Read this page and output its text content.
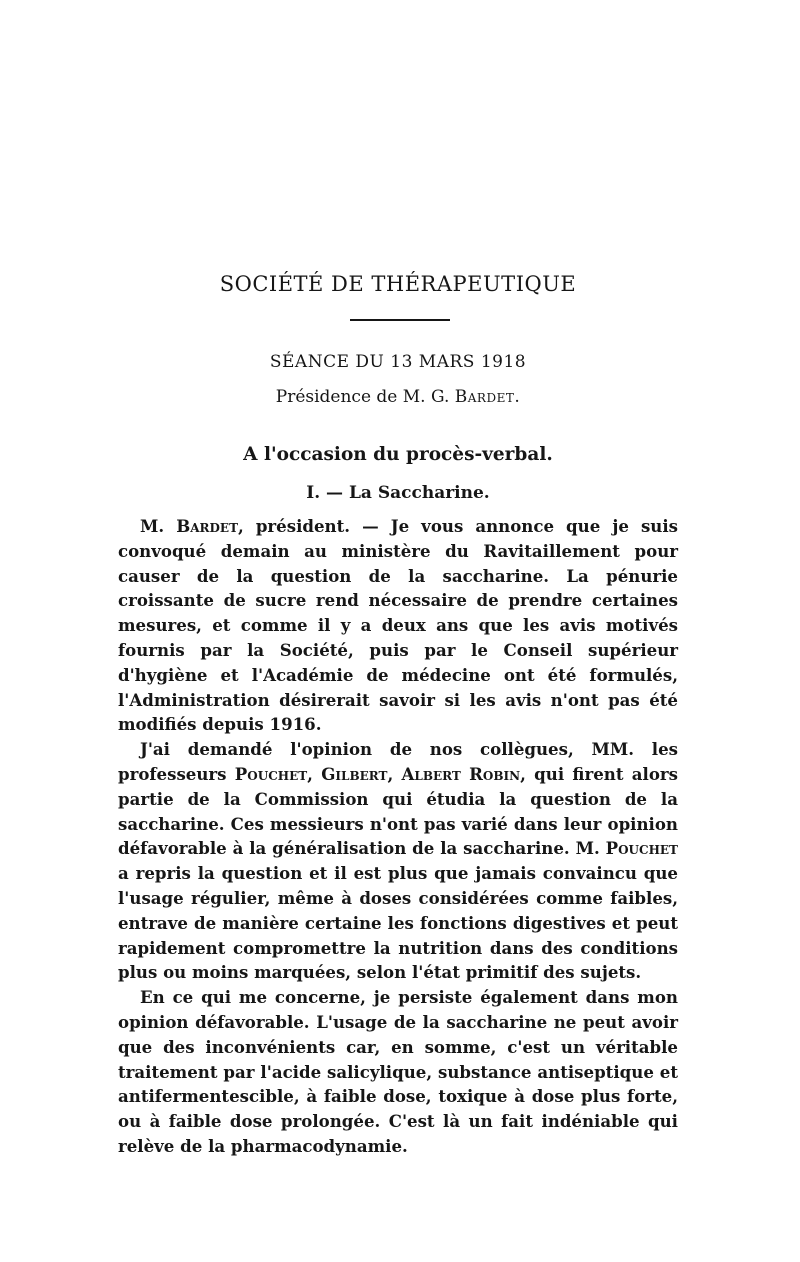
SOCIÉTÉ DE THÉRAPEUTIQUE
SÉANCE DU 13 MARS 1918
Présidence de M. G. Bardet.
A l'occasion du procès-verbal.
I. — La Saccharine.

M. Bardet, président. — Je vous annonce que je suis convoqué demain au ministère du Ravitaillement pour causer de la question de la saccharine. La pénurie croissante de sucre rend nécessaire de prendre certaines mesures, et comme il y a deux ans que les avis motivés fournis par la Société, puis par le Conseil supérieur d'hygiène et l'Académie de médecine ont été formulés, l'Administration désirerait savoir si les avis n'ont pas été modifiés depuis 1916.

J'ai demandé l'opinion de nos collègues, MM. les professeurs Pouchet, Gilbert, Albert Robin, qui firent alors partie de la Commission qui étudia la question de la saccharine. Ces messieurs n'ont pas varié dans leur opinion défavorable à la généralisation de la saccharine. M. Pouchet a repris la question et il est plus que jamais convaincu que l'usage régulier, même à doses considérées comme faibles, entrave de manière certaine les fonctions digestives et peut rapidement compromettre la nutrition dans des conditions plus ou moins marquées, selon l'état primitif des sujets.

En ce qui me concerne, je persiste également dans mon opinion défavorable. L'usage de la saccharine ne peut avoir que des inconvénients car, en somme, c'est un véritable traitement par l'acide salicylique, substance antiseptique et antifermentescible, à faible dose, toxique à dose plus forte, ou à faible dose prolongée. C'est là un fait indéniable qui relève de la pharmacodynamie.
